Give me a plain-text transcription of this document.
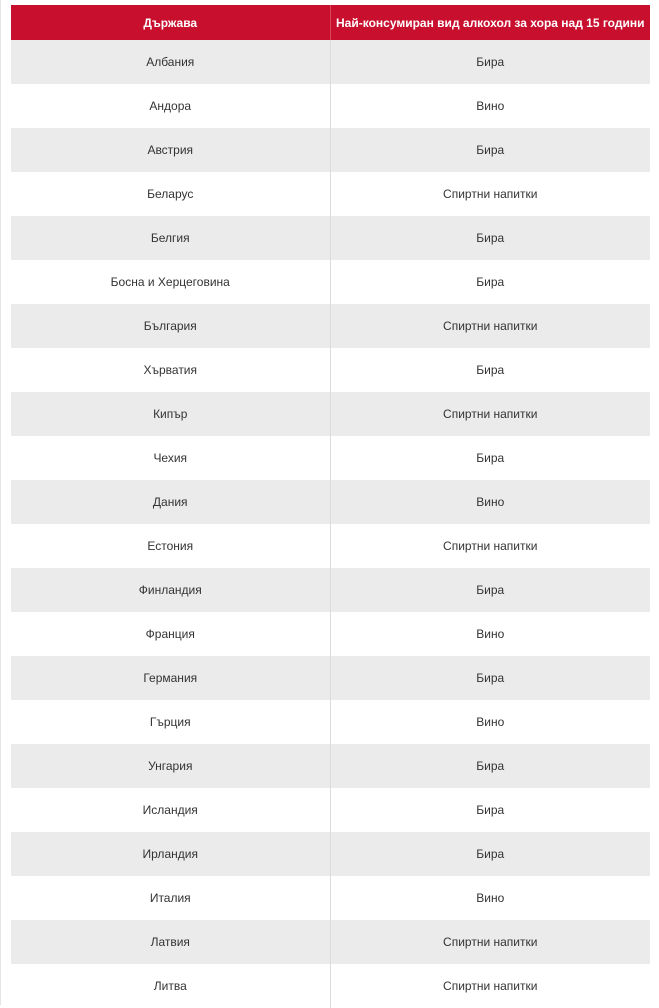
Държава	Най-консумиран вид алкохол за хора над 15 години
Албания	Бира
Андора	Вино
Австрия	Бира
Беларус	Спиртни напитки
Белгия	Бира
Босна и Херцеговина	Бира
България	Спиртни напитки
Хърватия	Бира
Кипър	Спиртни напитки
Чехия	Бира
Дания	Вино
Естония	Спиртни напитки
Финландия	Бира
Франция	Вино
Германия	Бира
Гърция	Вино
Унгария	Бира
Исландия	Бира
Ирландия	Бира
Италия	Вино
Латвия	Спиртни напитки
Литва	Спиртни напитки
